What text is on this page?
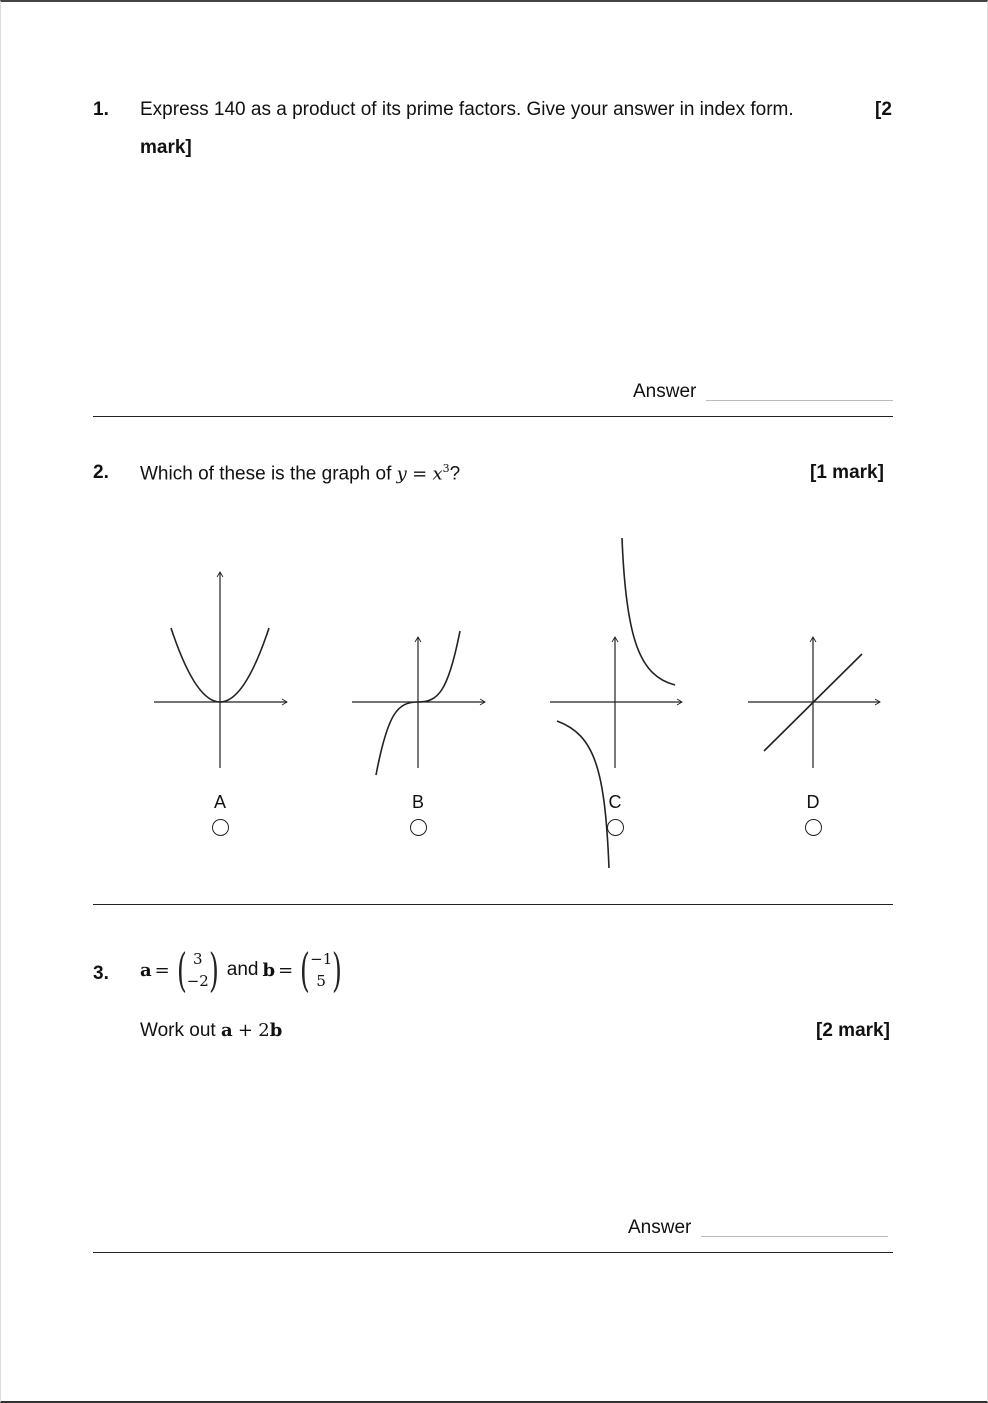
1. Express 140 as a product of its prime factors. Give your answer in index form.	[2
mark]
Answer
2. Which of these is the graph of $y = x^3$?	[1 mark]
A	B	C	D
3. a = ( 3
−2 ) and b = ( −1
5 )
Work out a + 2b	[2 mark]
Answer
